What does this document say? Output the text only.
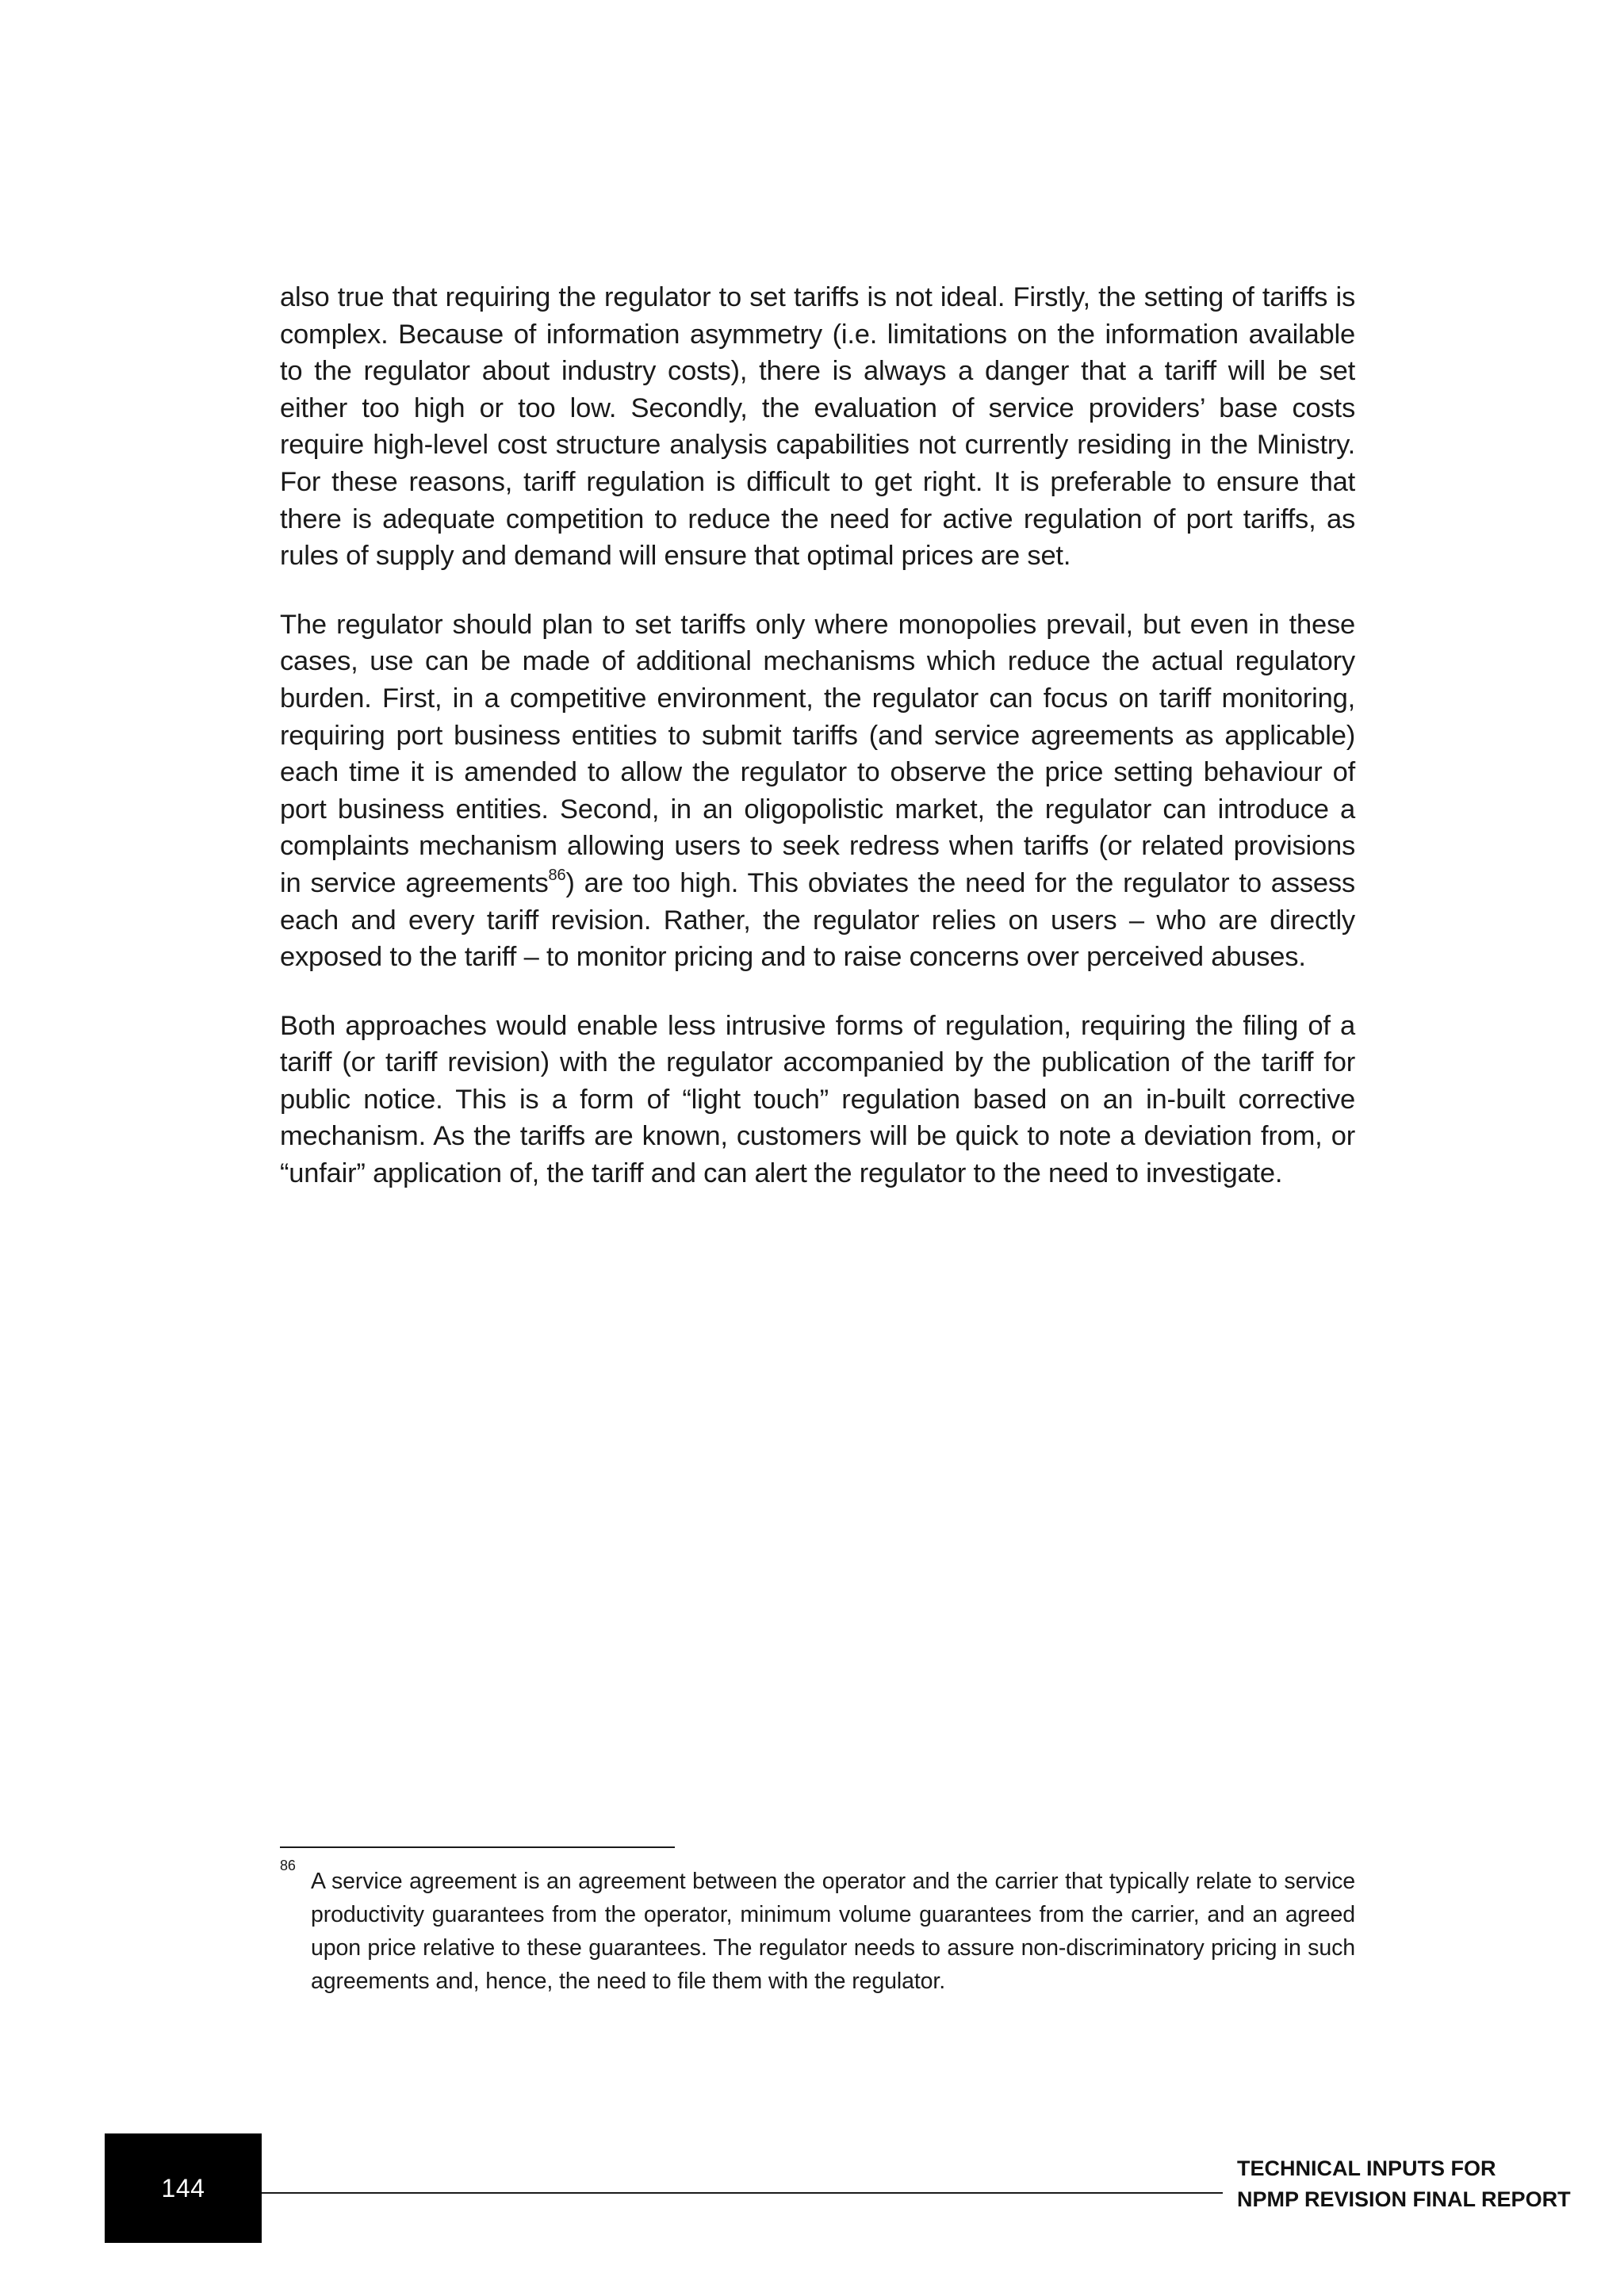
also true that requiring the regulator to set tariffs is not ideal. Firstly, the setting of tariffs is complex. Because of information asymmetry (i.e. limitations on the information available to the regulator about industry costs), there is always a danger that a tariff will be set either too high or too low. Secondly, the evaluation of service providers’ base costs require high-level cost structure analysis capabilities not currently residing in the Ministry. For these reasons, tariff regulation is difficult to get right. It is preferable to ensure that there is adequate competition to reduce the need for active regulation of port tariffs, as rules of supply and demand will ensure that optimal prices are set.

The regulator should plan to set tariffs only where monopolies prevail, but even in these cases, use can be made of additional mechanisms which reduce the actual regulatory burden. First, in a competitive environment, the regulator can focus on tariff monitoring, requiring port business entities to submit tariffs (and service agreements as applicable) each time it is amended to allow the regulator to observe the price setting behaviour of port business entities. Second, in an oligopolistic market, the regulator can introduce a complaints mechanism allowing users to seek redress when tariffs (or related provisions in service agreements$^{86}$) are too high. This obviates the need for the regulator to assess each and every tariff revision. Rather, the regulator relies on users – who are directly exposed to the tariff – to monitor pricing and to raise concerns over perceived abuses.

Both approaches would enable less intrusive forms of regulation, requiring the filing of a tariff (or tariff revision) with the regulator accompanied by the publication of the tariff for public notice. This is a form of “light touch” regulation based on an in-built corrective mechanism. As the tariffs are known, customers will be quick to note a deviation from, or “unfair” application of, the tariff and can alert the regulator to the need to investigate.

86
A service agreement is an agreement between the operator and the carrier that typically relate to service productivity guarantees from the operator, minimum volume guarantees from the carrier, and an agreed upon price relative to these guarantees. The regulator needs to assure non-discriminatory pricing in such agreements and, hence, the need to file them with the regulator.
144
TECHNICAL INPUTS FOR
NPMP REVISION FINAL REPORT
